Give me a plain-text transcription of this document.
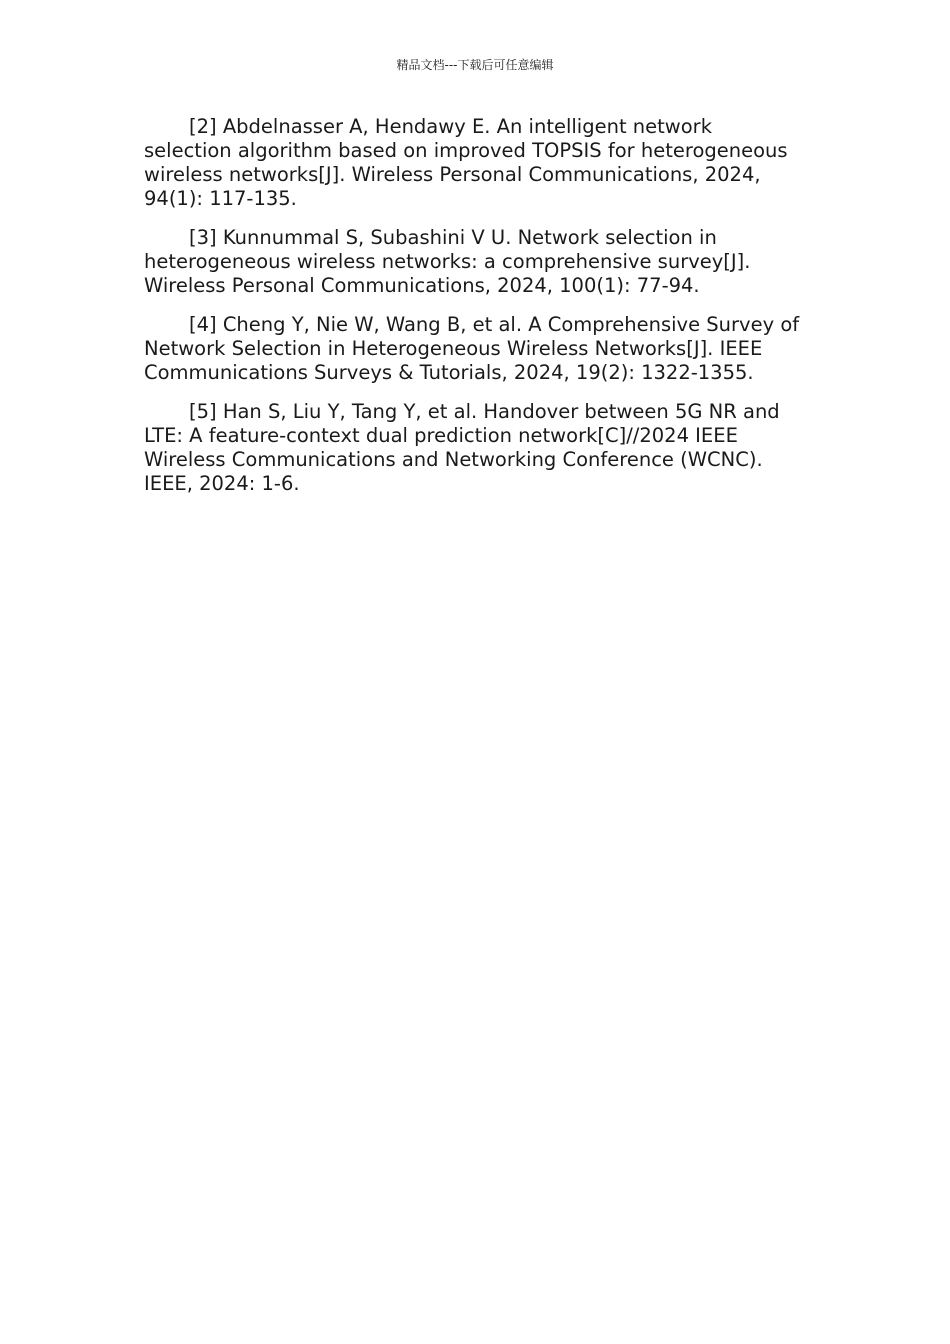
精品文档---下载后可任意编辑

[2] Abdelnasser A, Hendawy E. An intelligent network selection algorithm based on improved TOPSIS for heterogeneous wireless networks[J]. Wireless Personal Communications, 2024, 94(1): 117-135.

[3] Kunnummal S, Subashini V U. Network selection in heterogeneous wireless networks: a comprehensive survey[J]. Wireless Personal Communications, 2024, 100(1): 77-94.

[4] Cheng Y, Nie W, Wang B, et al. A Comprehensive Survey of Network Selection in Heterogeneous Wireless Networks[J]. IEEE Communications Surveys & Tutorials, 2024, 19(2): 1322-1355.

[5] Han S, Liu Y, Tang Y, et al. Handover between 5G NR and LTE: A feature-context dual prediction network[C]//2024 IEEE Wireless Communications and Networking Conference (WCNC). IEEE, 2024: 1-6.
